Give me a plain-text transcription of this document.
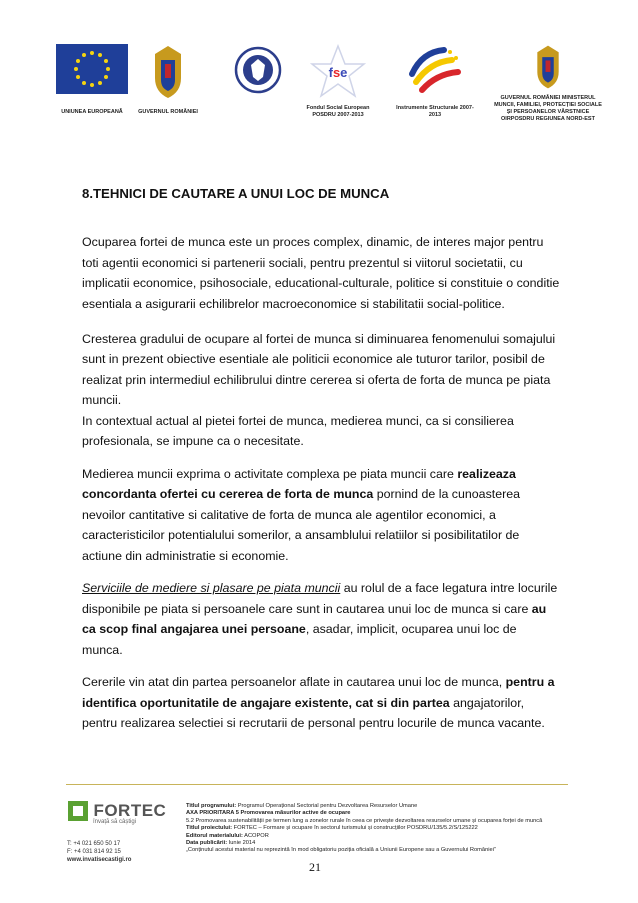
UNIUNEA EUROPEANĂ	GUVERNUL ROMÂNIEI
fse
Fondul Social European POSDRU 2007-2013
Instrumente Structurale 2007-2013
GUVERNUL ROMÂNIEI MINISTERUL MUNCII, FAMILIEI, PROTECȚIEI SOCIALE ȘI PERSOANELOR VÂRSTNICE OIRPOSDRU REGIUNEA NORD-EST
8.TEHNICI DE CAUTARE A UNUI LOC DE MUNCA

Ocuparea fortei de munca este un proces complex, dinamic, de interes major pentru toti agentii economici si partenerii sociali, pentru prezentul si viitorul societatii, cu implicatii economice, psihosociale, educational-culturale, politice si constituie o conditie esentiala a asigurarii echilibrelor macroeconomice si stabilitatii social-politice.

Cresterea gradului de ocupare al fortei de munca si diminuarea fenomenului somajului sunt in prezent obiective esentiale ale politicii economice ale tuturor tarilor, posibil de realizat prin intermediul echilibrului dintre cererea si oferta de forta de munca pe piata muncii.

In contextual actual al pietei fortei de munca, medierea munci, ca si consilierea profesionala, se impune ca o necesitate.

Medierea muncii exprima o activitate complexa pe piata muncii care realizeaza concordanta ofertei cu cererea de forta de munca pornind de la cunoasterea nevoilor cantitative si calitative de forta de munca ale agentilor economici, a caracteristicilor potentialului somerilor, a ansamblului relatiilor si posibilitatilor de actiune din administratie si economie.

Serviciile de mediere si plasare pe piata muncii au rolul de a face legatura intre locurile disponibile pe piata si persoanele care sunt in cautarea unui loc de munca si care au ca scop final angajarea unei persoane, asadar, implicit, ocuparea unui loc de munca.

Cererile vin atat din partea persoanelor aflate in cautarea unui loc de munca, pentru a identifica oportunitatile de angajare existente, cat si din partea angajatorilor, pentru realizarea selectiei si recrutarii de personal pentru locurile de munca vacante.

FORTEC
învață să câștigi
T: +4 021 650 50 17
F: +4 031 814 92 15
www.invatisecastigi.ro
Titlul programului: Programul Operațional Sectorial pentru Dezvoltarea Resurselor Umane
AXA PRIORITARA 5 Promovarea măsurilor active de ocupare
5.2 Promovarea sustenabilității pe termen lung a zonelor rurale în ceea ce privește dezvoltarea resurselor umane și ocuparea forței de muncă
Titlul proiectului: FORTEC – Formare și ocupare în sectorul turismului și construcțiilor POSDRU/135/5.2/S/125222
Editorul materialului: ACOPOR
Data publicării: Iunie 2014
„Conținutul acestui material nu reprezintă în mod obligatoriu poziția oficială a Uniunii Europene sau a Guvernului României”
21
